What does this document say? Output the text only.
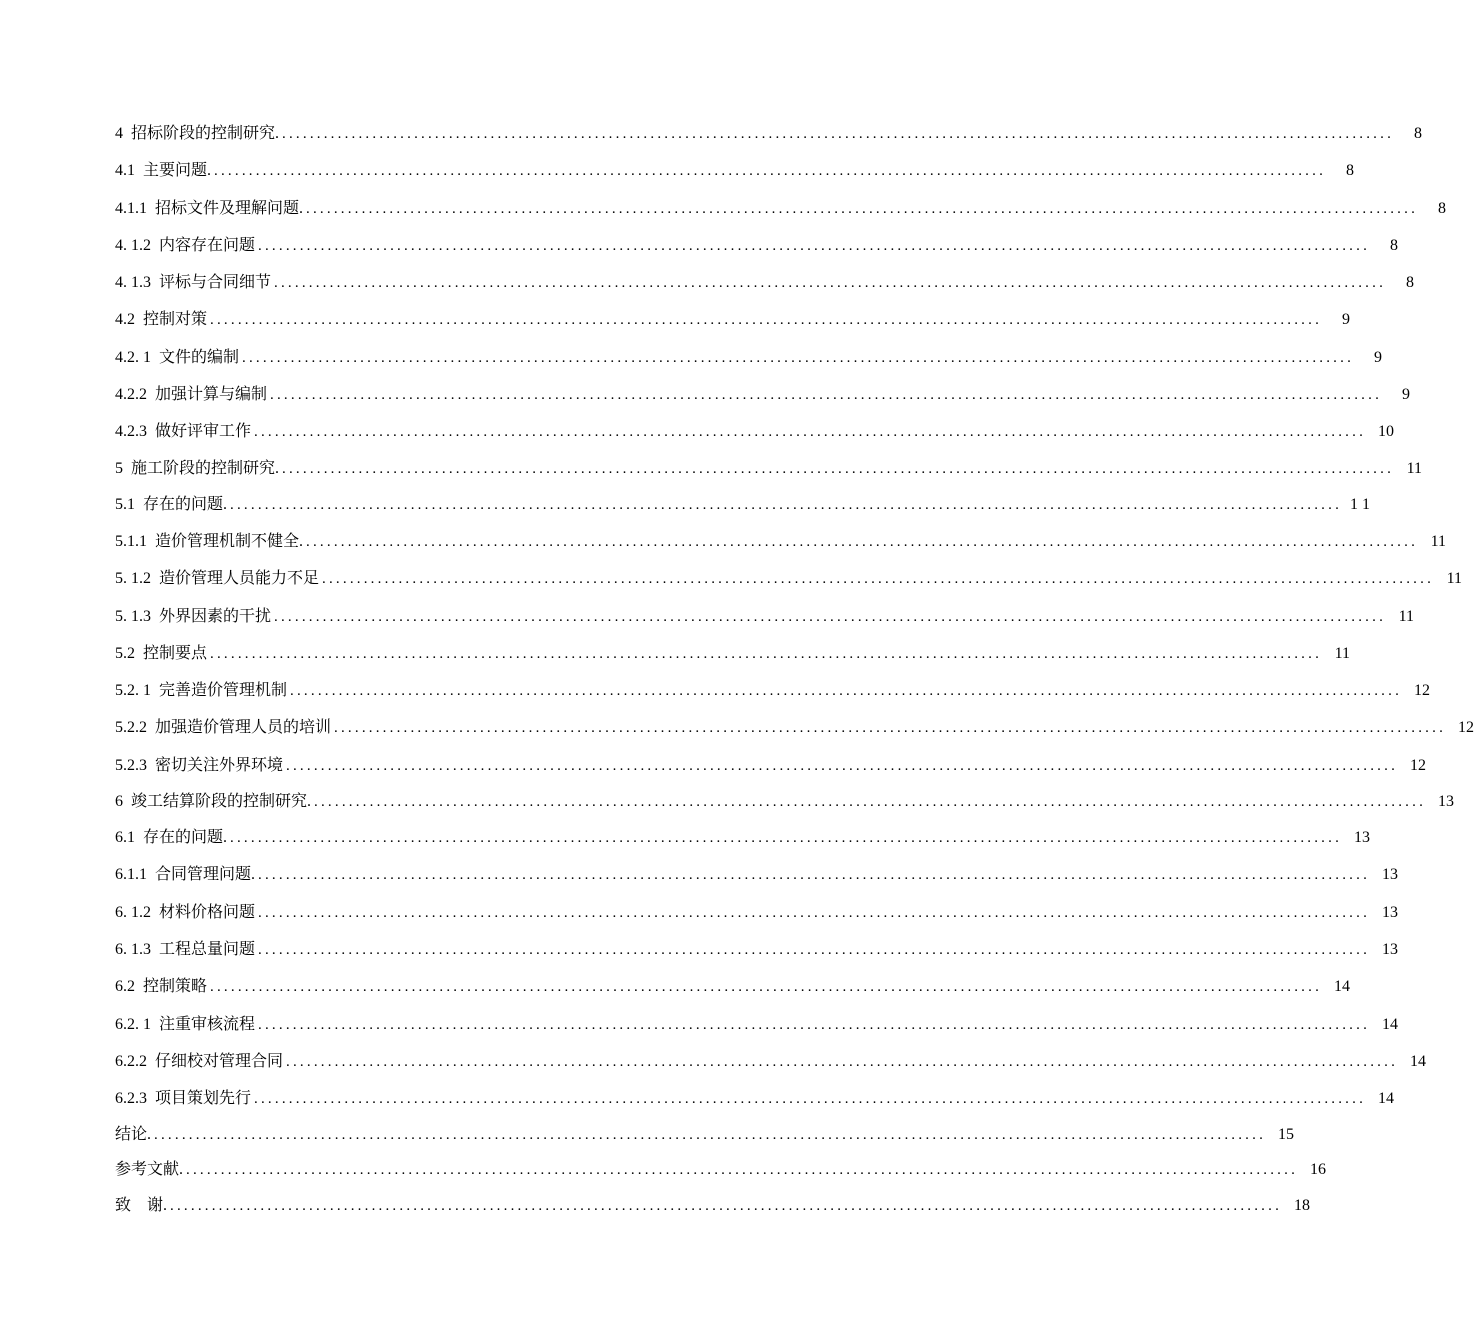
4 招标阶段的控制研究. ................................................................................................................................................................	8
4.1 主要问题. ................................................................................................................................................................	8
4.1.1 招标文件及理解问题. ................................................................................................................................................................	8
4. 1.2 内容存在问题 ................................................................................................................................................................	8
4. 1.3 评标与合同细节 ................................................................................................................................................................	8
4.2 控制对策 ................................................................................................................................................................	9
4.2. 1 文件的编制 ................................................................................................................................................................	9
4.2.2 加强计算与编制 ................................................................................................................................................................	9
4.2.3 做好评审工作 ................................................................................................................................................................ 10
5 施工阶段的控制研究. ................................................................................................................................................................ 11
5.1 存在的问题. ................................................................................................................................................................ 1 1
5.1.1 造价管理机制不健全. ................................................................................................................................................................ 11
5. 1.2 造价管理人员能力不足 ................................................................................................................................................................ 11
5. 1.3 外界因素的干扰 ................................................................................................................................................................ 11
5.2 控制要点 ................................................................................................................................................................ 11
5.2. 1 完善造价管理机制 ................................................................................................................................................................ 12
5.2.2 加强造价管理人员的培训 ................................................................................................................................................................ 12
5.2.3 密切关注外界环境 ................................................................................................................................................................ 12
6 竣工结算阶段的控制研究. ................................................................................................................................................................ 13
6.1 存在的问题. ................................................................................................................................................................ 13
6.1.1 合同管理问题. ................................................................................................................................................................ 13
6. 1.2 材料价格问题 ................................................................................................................................................................ 13
6. 1.3 工程总量问题 ................................................................................................................................................................ 13
6.2 控制策略 ................................................................................................................................................................ 14
6.2. 1 注重审核流程 ................................................................................................................................................................ 14
6.2.2 仔细校对管理合同 ................................................................................................................................................................ 14
6.2.3 项目策划先行 ................................................................................................................................................................ 14
结论. ................................................................................................................................................................ 15
参考文献. ................................................................................................................................................................ 16
致　谢. ................................................................................................................................................................ 18
